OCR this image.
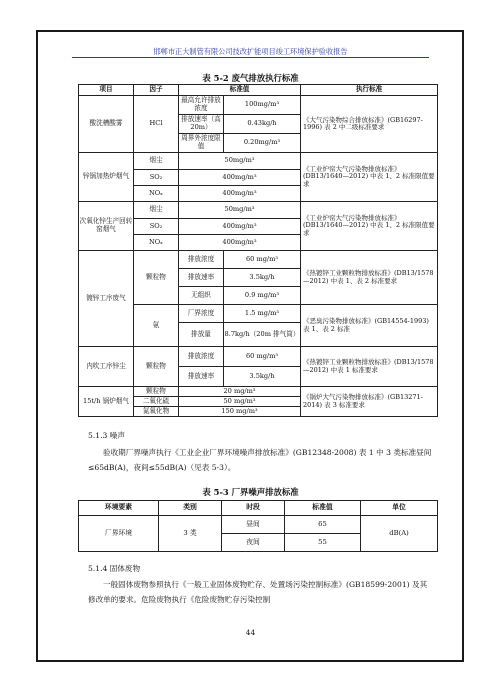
邯郸市正大制管有限公司技改扩能项目竣工环境保护验收报告
表 5-2 废气排放执行标准
项目	因子	标准值		执行标准
酸洗槽酸雾	HCl	最高允许排放浓度	100mg/m³	《大气污染物综合排放标准》(GB16297-1996) 表 2 中二级标准要求
		排放速率（高 20m）	0.43kg/h	
		周界外浓度限值	0.20mg/m³	
锌锅加热炉烟气	烟尘	50mg/m³		《工业炉窑大气污染物排放标准》(DB13/1640—2012) 中表 1、2 标准限值要求
	SO₂	400mg/m³		
	NOₓ	400mg/m³		
次氧化锌生产回转窑烟气	烟尘	50mg/m³		《工业炉窑大气污染物排放标准》(DB13/1640—2012) 中表 1、2 标准限值要求
	SO₂	400mg/m³		
	NOₓ	400mg/m³		
镀锌工序废气	颗粒物	排放浓度	60 mg/m³	《热镀锌工业颗粒物排放标准》(DB13/1578—2012) 中表 1、表 2 标准要求
		排放速率	3.5kg/h	
		无组织	0.9 mg/m³	
	氨	厂界浓度	1.5 mg/m³	《恶臭污染物排放标准》(GB14554-1993) 表 1、表 2 标准
		排放量	8.7kg/h（20m 排气筒）	
内吹工序锌尘	颗粒物	排放浓度	60 mg/m³	《热镀锌工业颗粒物排放标准》(DB13/1578—2012) 中表 1 标准要求
		排放速率	3.5kg/h	
15t/h 锅炉烟气	颗粒物	20 mg/m³		《锅炉大气污染物排放标准》(GB13271-2014) 表 3 标准要求
	二氧化硫	50 mg/m³		
	氮氧化物	150 mg/m³		
5.1.3 噪声
验收期厂界噪声执行《工业企业厂界环境噪声排放标准》(GB12348-2008) 表 1 中 3 类标准昼间≤65dB(A)，夜间≤55dB(A)（见表 5-3）。
表 5-3 厂界噪声排放标准
环境要素	类别	时段	标准值	单位
厂界环境	3 类	昼间	65	dB(A)
		夜间	55	
5.1.4 固体废物
一般固体废物参照执行《一般工业固体废物贮存、处置场污染控制标准》(GB18599-2001) 及其修改单的要求。危险废物执行《危险废物贮存污染控制
44
